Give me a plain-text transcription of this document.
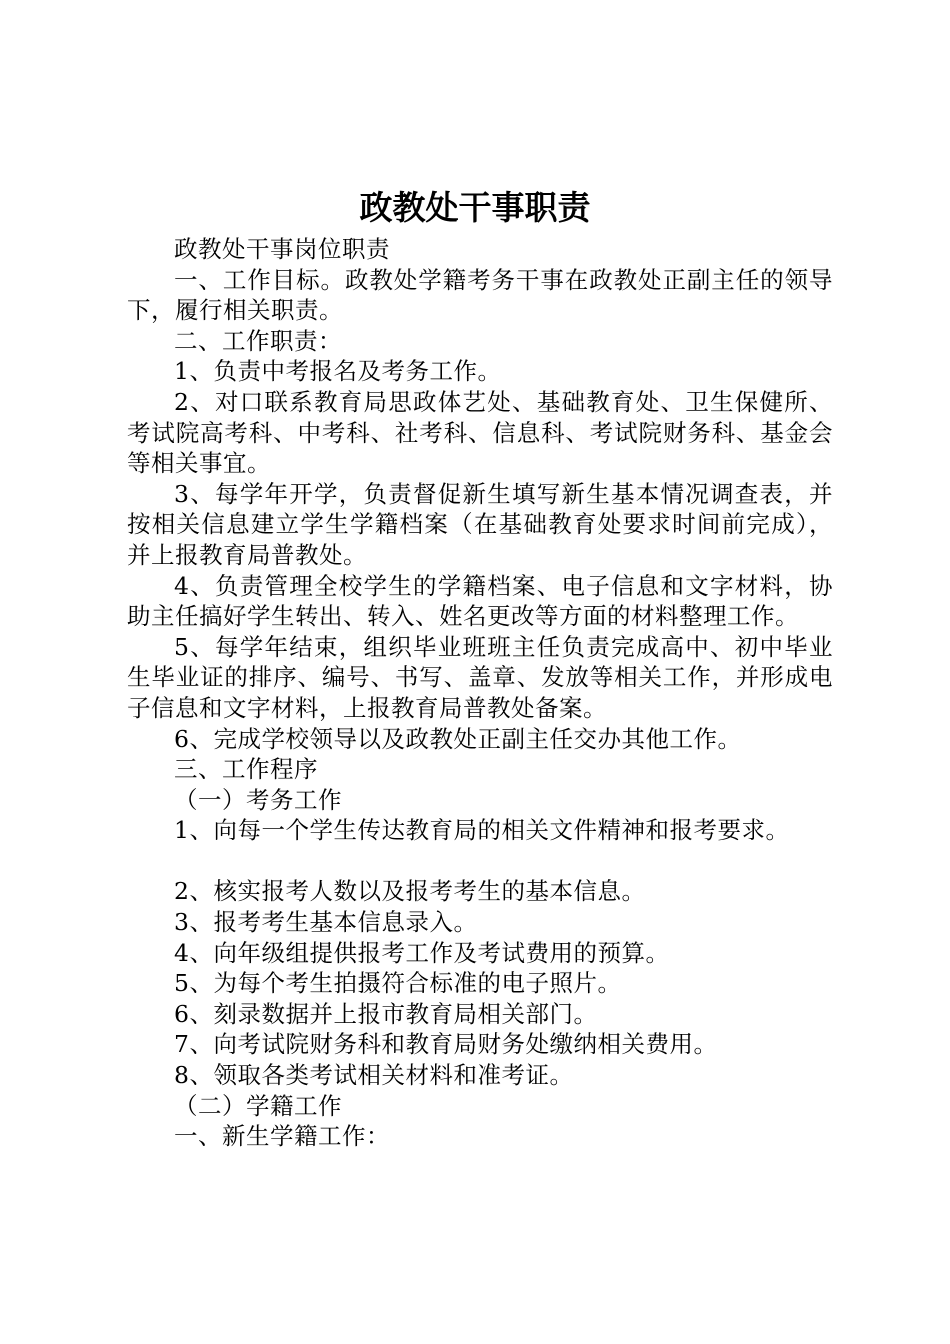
政教处干事职责

政教处干事岗位职责

一、工作目标。政教处学籍考务干事在政教处正副主任的领导下，履行相关职责。

二、工作职责：

1、负责中考报名及考务工作。

2、对口联系教育局思政体艺处、基础教育处、卫生保健所、考试院高考科、中考科、社考科、信息科、考试院财务科、基金会等相关事宜。

3、每学年开学，负责督促新生填写新生基本情况调查表，并按相关信息建立学生学籍档案（在基础教育处要求时间前完成），并上报教育局普教处。

4、负责管理全校学生的学籍档案、电子信息和文字材料，协助主任搞好学生转出、转入、姓名更改等方面的材料整理工作。

5、每学年结束，组织毕业班班主任负责完成高中、初中毕业生毕业证的排序、编号、书写、盖章、发放等相关工作，并形成电子信息和文字材料，上报教育局普教处备案。

6、完成学校领导以及政教处正副主任交办其他工作。

三、工作程序

（一）考务工作

1、向每一个学生传达教育局的相关文件精神和报考要求。

2、核实报考人数以及报考考生的基本信息。

3、报考考生基本信息录入。

4、向年级组提供报考工作及考试费用的预算。

5、为每个考生拍摄符合标准的电子照片。

6、刻录数据并上报市教育局相关部门。

7、向考试院财务科和教育局财务处缴纳相关费用。

8、领取各类考试相关材料和准考证。

（二）学籍工作

一、新生学籍工作：
